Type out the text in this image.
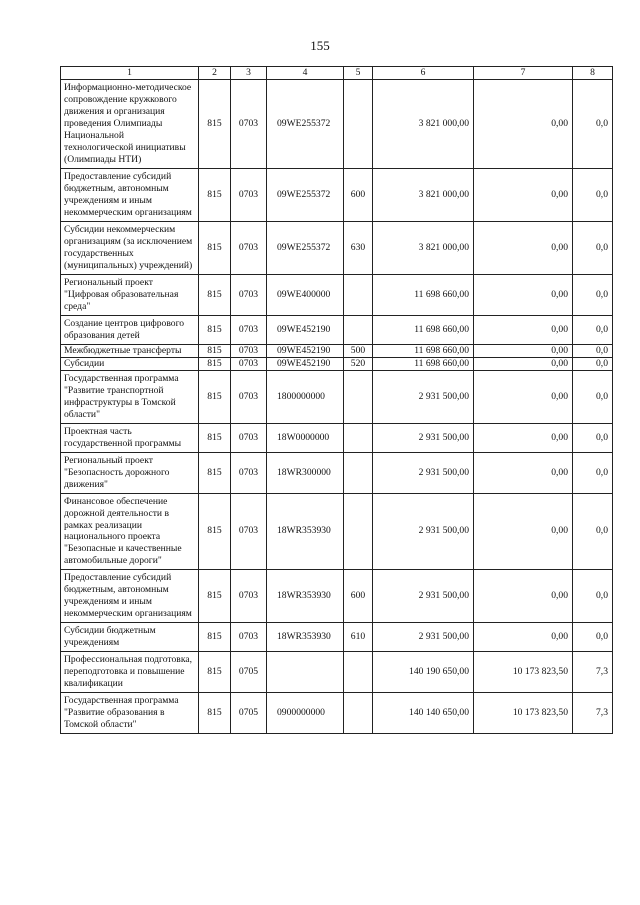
155
1	2	3	4	5	6	7	8
Информационно-методическое сопровождение кружкового движения и организация проведения Олимпиады Национальной технологической инициативы (Олимпиады НТИ)	815	0703	09WE255372		3 821 000,00	0,00	0,0
Предоставление субсидий бюджетным, автономным учреждениям и иным некоммерческим организациям	815	0703	09WE255372	600	3 821 000,00	0,00	0,0
Субсидии некоммерческим организациям (за исключением государственных (муниципальных) учреждений)	815	0703	09WE255372	630	3 821 000,00	0,00	0,0
Региональный проект "Цифровая образовательная среда"	815	0703	09WE400000		11 698 660,00	0,00	0,0
Создание центров цифрового образования детей	815	0703	09WE452190		11 698 660,00	0,00	0,0
Межбюджетные трансферты	815	0703	09WE452190	500	11 698 660,00	0,00	0,0
Субсидии	815	0703	09WE452190	520	11 698 660,00	0,00	0,0
Государственная программа "Развитие транспортной инфраструктуры в Томской области"	815	0703	1800000000		2 931 500,00	0,00	0,0
Проектная часть государственной программы	815	0703	18W0000000		2 931 500,00	0,00	0,0
Региональный проект "Безопасность дорожного движения"	815	0703	18WR300000		2 931 500,00	0,00	0,0
Финансовое обеспечение дорожной деятельности в рамках реализации национального проекта "Безопасные и качественные автомобильные дороги"	815	0703	18WR353930		2 931 500,00	0,00	0,0
Предоставление субсидий бюджетным, автономным учреждениям и иным некоммерческим организациям	815	0703	18WR353930	600	2 931 500,00	0,00	0,0
Субсидии бюджетным учреждениям	815	0703	18WR353930	610	2 931 500,00	0,00	0,0
Профессиональная подготовка, переподготовка и повышение квалификации	815	0705			140 190 650,00	10 173 823,50	7,3
Государственная программа "Развитие образования в Томской области"	815	0705	0900000000		140 140 650,00	10 173 823,50	7,3
